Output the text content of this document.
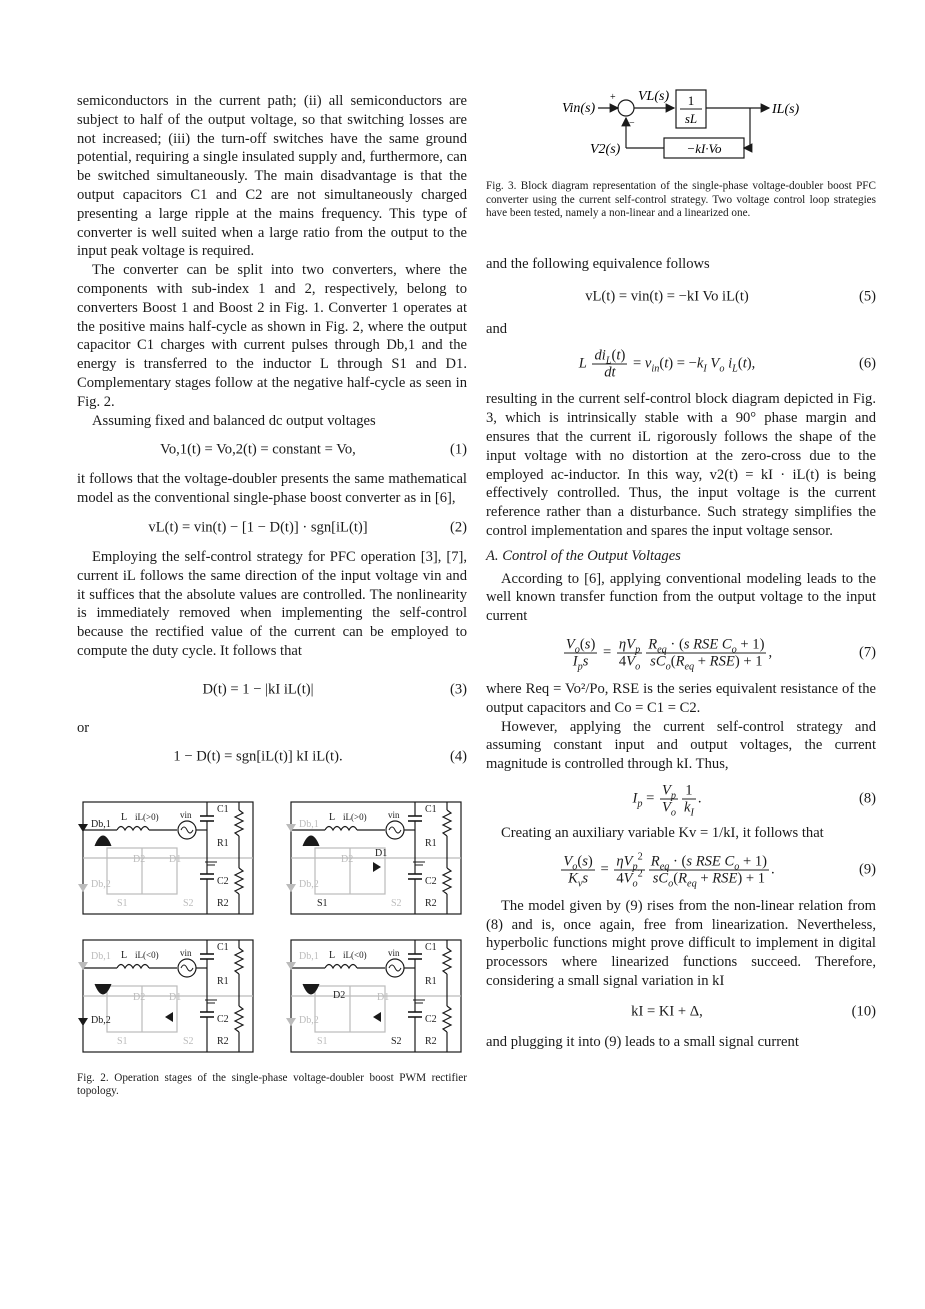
semiconductors in the current path; (ii) all semiconductors are subject to half of the output voltage, so that switching losses are not increased; (iii) the turn-off switches have the same ground potential, requiring a single insulated supply and, furthermore, can be switched simultaneously. The main disadvantage is that the output capacitors C1 and C2 are not simultaneously charged presenting a large ripple at the mains frequency. This type of converter is well suited when a large ratio from the output to the input peak voltage is required.

The converter can be split into two converters, where the components with sub-index 1 and 2, respectively, belong to converters Boost 1 and Boost 2 in Fig. 1. Converter 1 operates at the positive mains half-cycle as shown in Fig. 2, where the output capacitor C1 charges with current pulses through Db,1 and the energy is transferred to the inductor L through S1 and D1. Complementary stages follow at the negative half-cycle as seen in Fig. 2.

Assuming fixed and balanced dc output voltages

Vo,1(t) = Vo,2(t) = constant = Vo,	(1)

it follows that the voltage-doubler presents the same mathematical model as the conventional single-phase boost converter as in [6],

vL(t) = vin(t) − [1 − D(t)] · sgn[iL(t)]	(2)

Employing the self-control strategy for PFC operation [3], [7], current iL follows the same direction of the input voltage vin and it suffices that the absolute values are controlled. The nonlinearity is immediately removed when implementing the self-control because the rectified value of the current can be employed to compute the duty cycle. It follows that

D(t) = 1 − |kI iL(t)|	(3)

or

1 − D(t) = sgn[iL(t)] kI iL(t).	(4)
Db,1
Db,2
L iL(>0) vin	C1
R1
C2
R2
D2 D1
S1	S2
Db,1
Db,2
L iL(>0) vin	C1
R1
C2
R2
D2
D1
S1	S2
Db,1
Db,2
L iL(<0) vin	C1
R1
C2
R2
D2 D1
S1	S2
Db,1
Db,2
L iL(<0) vin	C1
R1
C2
R2
D2	D1
S1	S2

Fig. 2. Operation stages of the single-phase voltage-doubler boost PWM rectifier topology.

Vin(s)
+
−
VL(s) 1
sL
IL(s)
−kI·Vo
V2(s)

Fig. 3. Block diagram representation of the single-phase voltage-doubler boost PFC converter using the current self-control strategy. Two voltage control loop strategies have been tested, namely a non-linear and a linearized one.

and the following equivalence follows

vL(t) = vin(t) = −kI Vo iL(t)	(5)

and

L $\frac{di_L(t)}{dt} = v_{in}(t) = -k_I$ $V_o$ $i_L(t)$,	(6)

resulting in the current self-control block diagram depicted in Fig. 3, which is intrinsically stable with a 90° phase margin and ensures that the current iL rigorously follows the shape of the input voltage with no distortion at the zero-cross due to the employed ac-inductor. In this way, v2(t) = kI · iL(t) is being effectively controlled. Thus, the input voltage is the current reference rather than a disturbance. Such strategy simplifies the control implementation and spares the input voltage sensor.

A. Control of the Output Voltages

According to [6], applying conventional modeling leads to the well known transfer function from the output voltage to the input current

$\frac{V_o(s)}{I_ps} = \frac{\eta V_p}{4V_o} \frac{R_{eq} \cdot (s RSE C_o + 1)}{sC_o(R_{eq} + RSE) + 1}$ ,	(7)

where Req = Vo²/Po, RSE is the series equivalent resistance of the output capacitors and Co = C1 = C2.

However, applying the current self-control strategy and assuming constant input and output voltages, the current magnitude is controlled through kI. Thus,

$I_p = \frac{V_p}{V_o} \frac{1}{k_I}$ .	(8)

Creating an auxiliary variable Kv = 1/kI, it follows that

$\frac{V_o(s)}{K_vs} = \frac{\eta V_p^2}{4V_o^2} \frac{R_{eq} \cdot (s RSE C_o + 1)}{sC_o(R_{eq} + RSE) + 1}$ .	(9)

The model given by (9) rises from the non-linear relation from (8) and is, once again, free from linearization. Nevertheless, hyperbolic functions might prove difficult to implement in digital processors where linearized functions succeed. Therefore, considering a small signal variation in kI

kI = KI + Δ,	(10)

and plugging it into (9) leads to a small signal current
